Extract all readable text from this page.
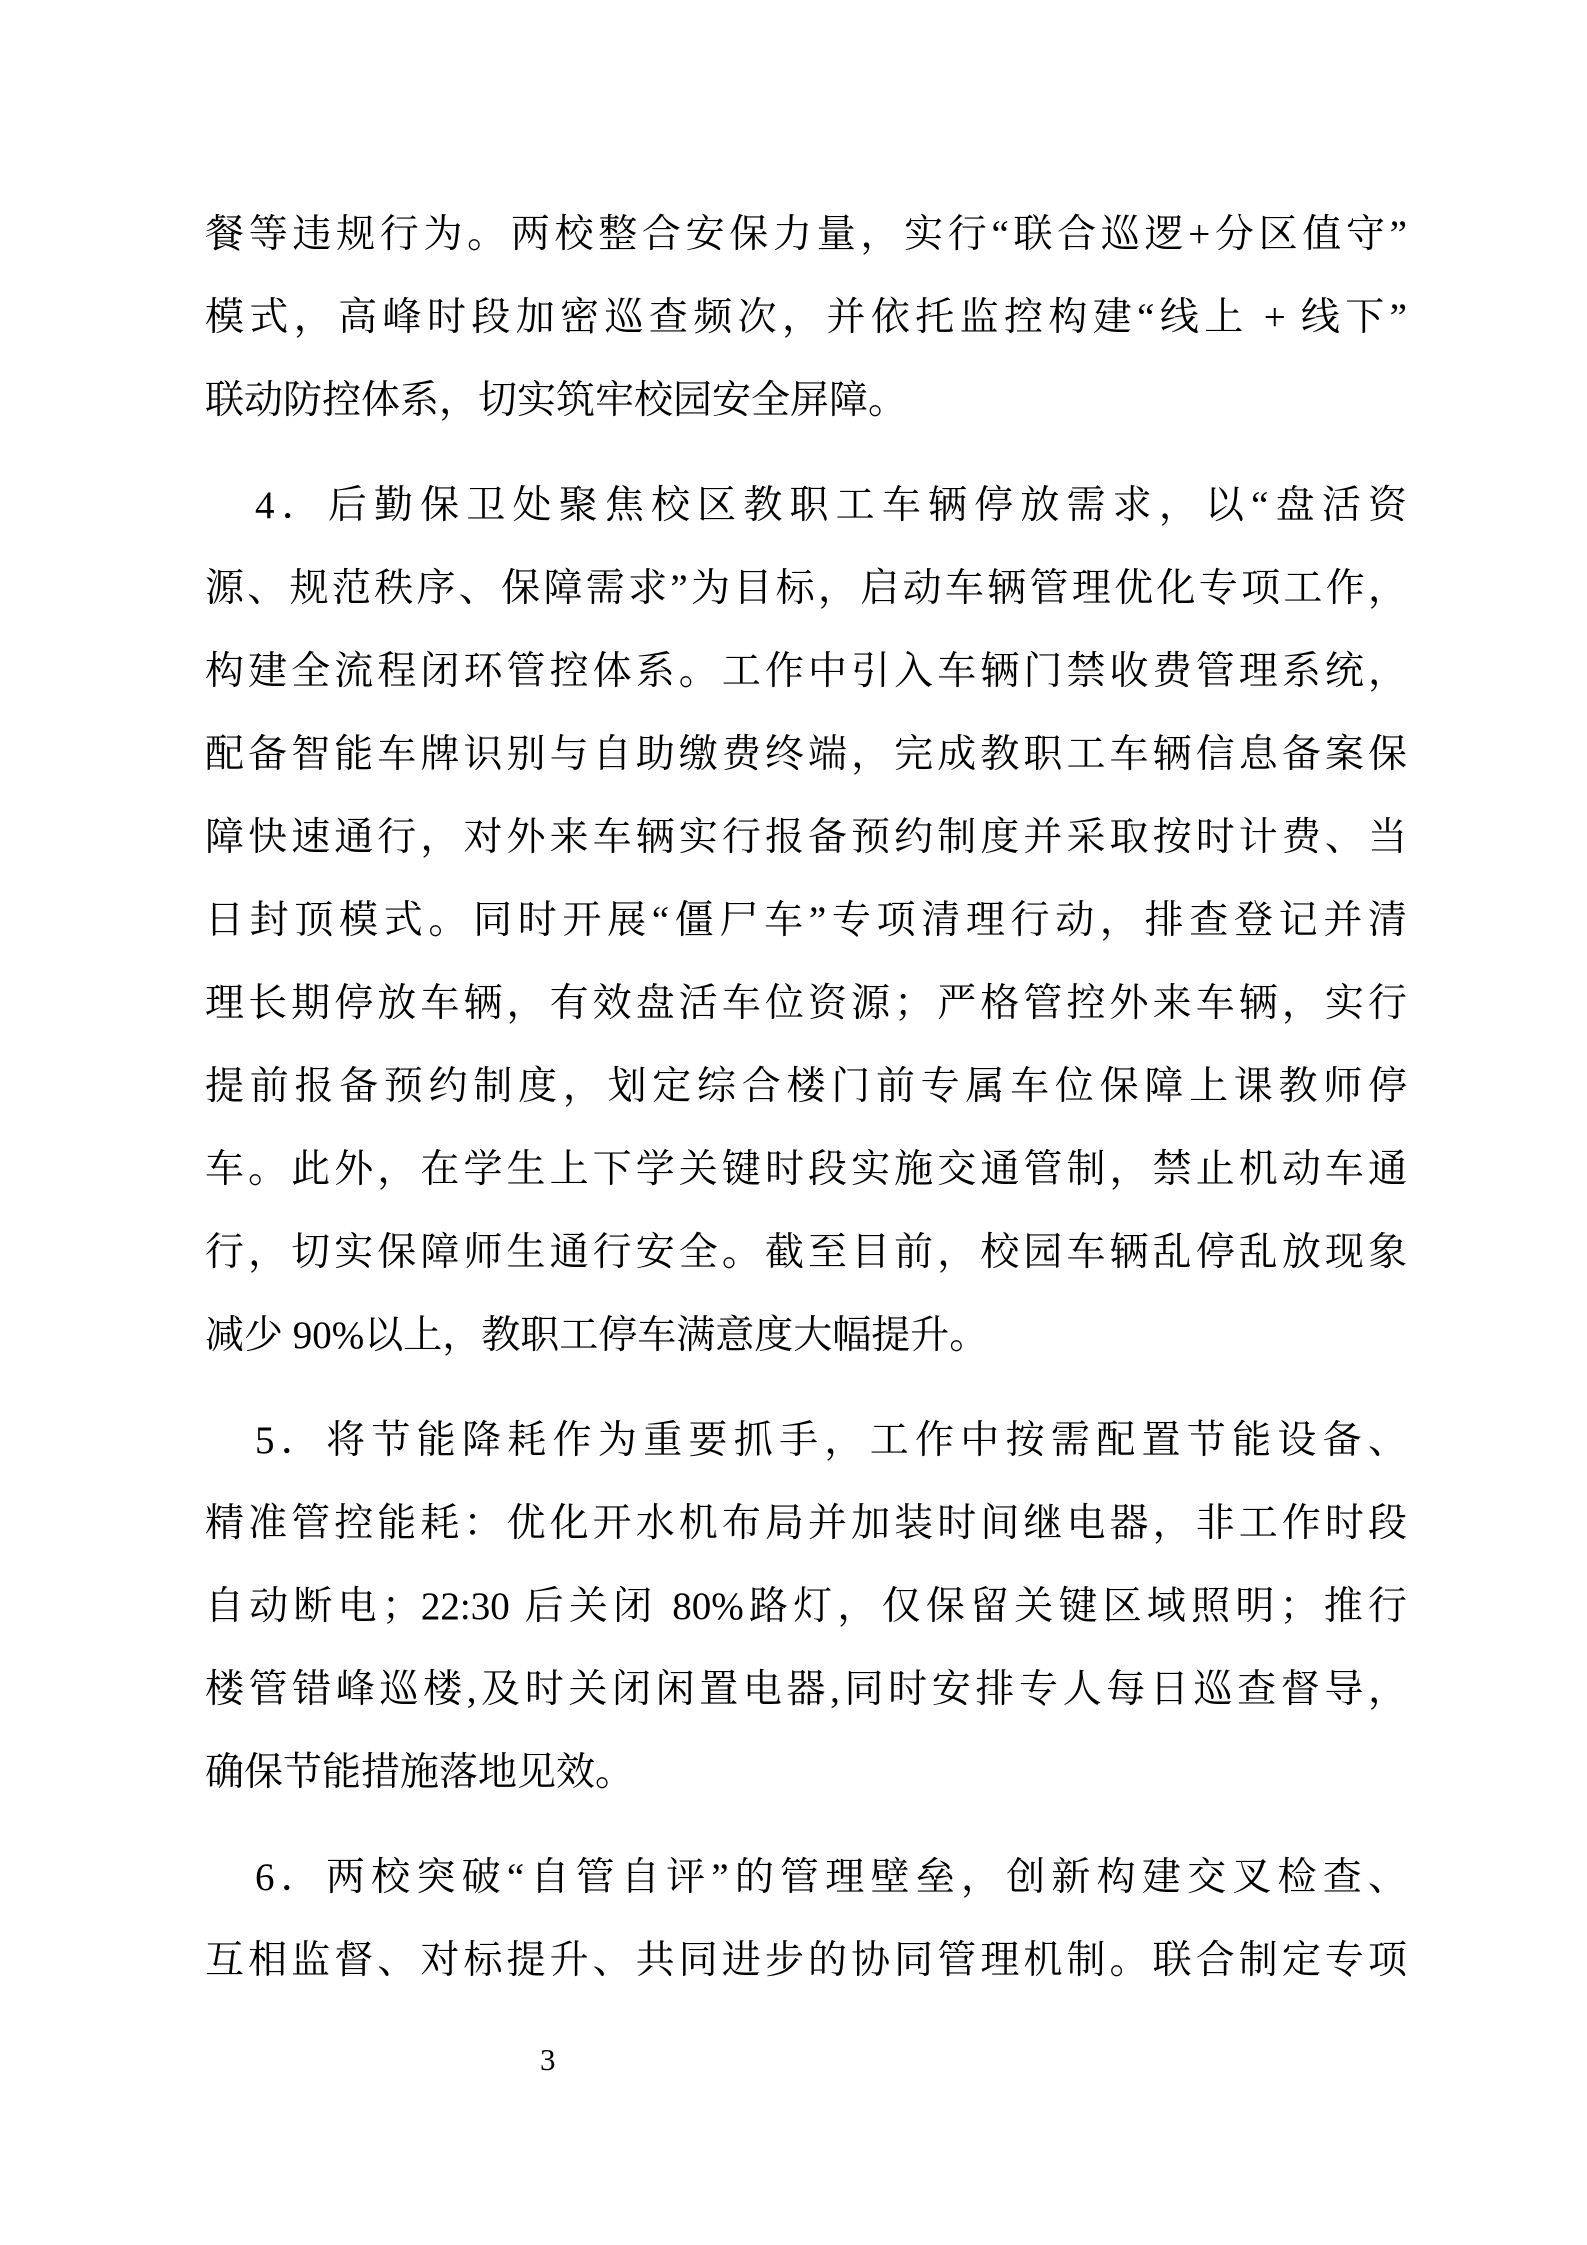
餐等违规行为。两校整合安保力量，实行“联合巡逻+分区值守”
模式，高峰时段加密巡查频次，并依托监控构建“线上 + 线下”
联动防控体系，切实筑牢校园安全屏障。
4．后勤保卫处聚焦校区教职工车辆停放需求，以“盘活资
源、规范秩序、保障需求”为目标，启动车辆管理优化专项工作，
构建全流程闭环管控体系。工作中引入车辆门禁收费管理系统，
配备智能车牌识别与自助缴费终端，完成教职工车辆信息备案保
障快速通行，对外来车辆实行报备预约制度并采取按时计费、当
日封顶模式。同时开展“僵尸车”专项清理行动，排查登记并清
理长期停放车辆，有效盘活车位资源；严格管控外来车辆，实行
提前报备预约制度，划定综合楼门前专属车位保障上课教师停
车。此外，在学生上下学关键时段实施交通管制，禁止机动车通
行，切实保障师生通行安全。截至目前，校园车辆乱停乱放现象
减少 90%以上，教职工停车满意度大幅提升。
5．将节能降耗作为重要抓手，工作中按需配置节能设备、
精准管控能耗：优化开水机布局并加装时间继电器，非工作时段
自动断电；22:30 后关闭 80%路灯，仅保留关键区域照明；推行
楼管错峰巡楼,及时关闭闲置电器,同时安排专人每日巡查督导，
确保节能措施落地见效。
6．两校突破“自管自评”的管理壁垒，创新构建交叉检查、
互相监督、对标提升、共同进步的协同管理机制。联合制定专项
3
